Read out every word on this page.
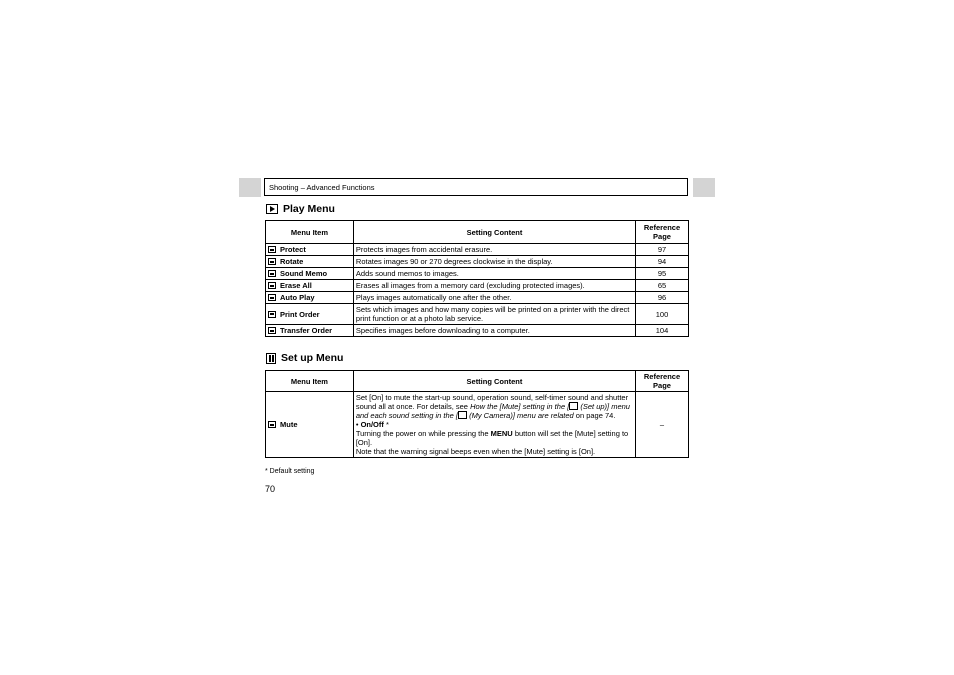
Shooting – Advanced Functions
Play Menu
Menu Item	Setting Content	Reference Page
Protect	Protects images from accidental erasure.	97
Rotate	Rotates images 90 or 270 degrees clockwise in the display.	94
Sound Memo	Adds sound memos to images.	95
Erase All	Erases all images from a memory card (excluding protected images).	65
Auto Play	Plays images automatically one after the other.	96
Print Order	Sets which images and how many copies will be printed on a printer with the direct print function or at a photo lab service.	100
Transfer Order	Specifies images before downloading to a computer.	104
Set up Menu
Menu Item	Setting Content	Reference Page
Mute	Set [On] to mute the start-up sound, operation sound, self-timer sound and shutter sound all at once. For details, see How the [Mute] setting in the [ (Set up)] menu and each sound setting in the [ (My Camera)] menu are related on page 74.
• On/Off *
Turning the power on while pressing the MENU button will set the [Mute] setting to [On].
Note that the warning signal beeps even when the [Mute] setting is [On].	–
* Default setting
70
